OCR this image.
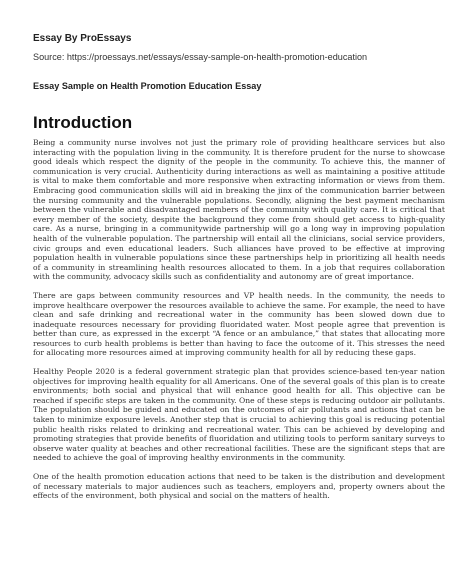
Essay By ProEssays
Source: https://proessays.net/essays/essay-sample-on-health-promotion-education
Essay Sample on Health Promotion Education Essay
Introduction

Being a community nurse involves not just the primary role of providing healthcare services but also interacting with the population living in the community. It is therefore prudent for the nurse to showcase good ideals which respect the dignity of the people in the community. To achieve this, the manner of communication is very crucial. Authenticity during interactions as well as maintaining a positive attitude is vital to make them comfortable and more responsive when extracting information or views from them. Embracing good communication skills will aid in breaking the jinx of the communication barrier between the nursing community and the vulnerable populations. Secondly, aligning the best payment mechanism between the vulnerable and disadvantaged members of the community with quality care. It is critical that every member of the society, despite the background they come from should get access to high-quality care. As a nurse, bringing in a communitywide partnership will go a long way in improving population health of the vulnerable population. The partnership will entail all the clinicians, social service providers, civic groups and even educational leaders. Such alliances have proved to be effective at improving population health in vulnerable populations since these partnerships help in prioritizing all health needs of a community in streamlining health resources allocated to them. In a job that requires collaboration with the community, advocacy skills such as confidentiality and autonomy are of great importance.

There are gaps between community resources and VP health needs. In the community, the needs to improve healthcare overpower the resources available to achieve the same. For example, the need to have clean and safe drinking and recreational water in the community has been slowed down due to inadequate resources necessary for providing fluoridated water. Most people agree that prevention is better than cure, as expressed in the excerpt “A fence or an ambulance,” that states that allocating more resources to curb health problems is better than having to face the outcome of it. This stresses the need for allocating more resources aimed at improving community health for all by reducing these gaps.

Healthy People 2020 is a federal government strategic plan that provides science-based ten-year nation objectives for improving health equality for all Americans. One of the several goals of this plan is to create environments; both social and physical that will enhance good health for all. This objective can be reached if specific steps are taken in the community. One of these steps is reducing outdoor air pollutants. The population should be guided and educated on the outcomes of air pollutants and actions that can be taken to minimize exposure levels. Another step that is crucial to achieving this goal is reducing potential public health risks related to drinking and recreational water. This can be achieved by developing and promoting strategies that provide benefits of fluoridation and utilizing tools to perform sanitary surveys to observe water quality at beaches and other recreational facilities. These are the significant steps that are needed to achieve the goal of improving healthy environments in the community.

One of the health promotion education actions that need to be taken is the distribution and development of necessary materials to major audiences such as teachers, employers and, property owners about the effects of the environment, both physical and social on the matters of health.
